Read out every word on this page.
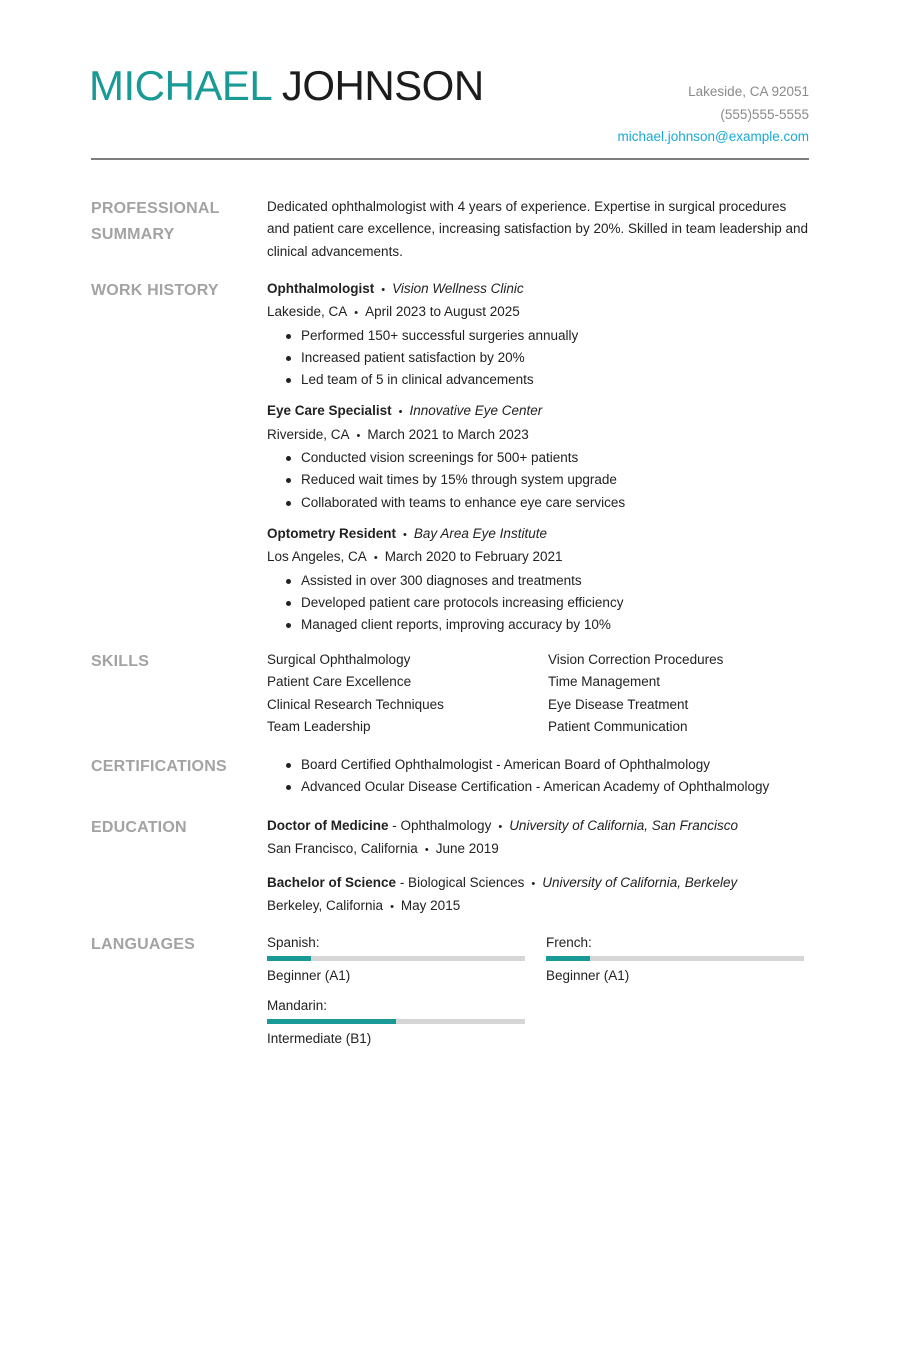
MICHAEL JOHNSON	Lakeside, CA 92051
(555)555-5555
michael.johnson@example.com
PROFESSIONAL
SUMMARY

Dedicated ophthalmologist with 4 years of experience. Expertise in surgical procedures and patient care excellence, increasing satisfaction by 20%. Skilled in team leadership and clinical advancements.

WORK HISTORY	Ophthalmologist • Vision Wellness Clinic
Lakeside, CA • April 2023 to August 2025
Performed 150+ successful surgeries annually
Increased patient satisfaction by 20%
Led team of 5 in clinical advancements
Eye Care Specialist • Innovative Eye Center
Riverside, CA • March 2021 to March 2023
Conducted vision screenings for 500+ patients
Reduced wait times by 15% through system upgrade
Collaborated with teams to enhance eye care services
Optometry Resident • Bay Area Eye Institute
Los Angeles, CA • March 2020 to February 2021
Assisted in over 300 diagnoses and treatments
Developed patient care protocols increasing efficiency
Managed client reports, improving accuracy by 10%
SKILLS	Surgical Ophthalmology	Vision Correction Procedures
Patient Care Excellence	Time Management
Clinical Research Techniques	Eye Disease Treatment
Team Leadership	Patient Communication
CERTIFICATIONS	Board Certified Ophthalmologist - American Board of Ophthalmology
Advanced Ocular Disease Certification - American Academy of Ophthalmology
EDUCATION	Doctor of Medicine - Ophthalmology • University of California, San Francisco
San Francisco, California • June 2019
Bachelor of Science - Biological Sciences • University of California, Berkeley
Berkeley, California • May 2015
LANGUAGES	Spanish:
Beginner (A1)
French:
Beginner (A1)
Mandarin:
Intermediate (B1)
